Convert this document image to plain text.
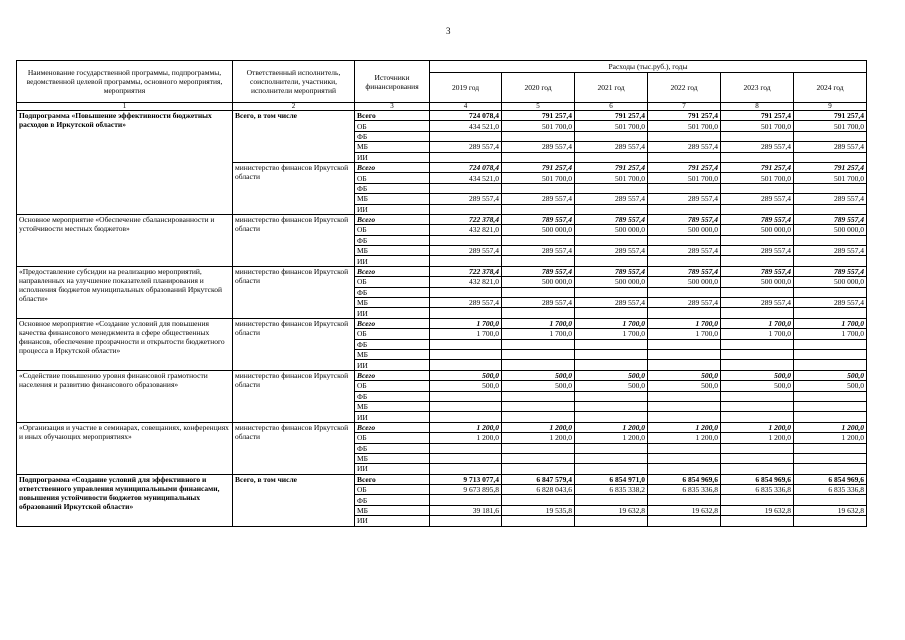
3
Наименование государственной программы, подпрограммы, ведомственной целевой программы, основного мероприятия, мероприятия	Ответственный исполнитель, соисполнители, участники, исполнители мероприятий	Источники финансирования	Расходы (тыс.руб.), годы					
			2019 год	2020 год	2021 год	2022 год	2023 год	2024 год
1	2	3	4	5	6	7	8	9
Подпрограмма «Повышение эффективности бюджетных расходов в Иркутской области»	Всего, в том числе	Всего	724 078,4	791 257,4	791 257,4	791 257,4	791 257,4	791 257,4
		ОБ	434 521,0	501 700,0	501 700,0	501 700,0	501 700,0	501 700,0
		ФБ						
		МБ	289 557,4	289 557,4	289 557,4	289 557,4	289 557,4	289 557,4
		ИИ						
	министерство финансов Иркутской области	Всего	724 078,4	791 257,4	791 257,4	791 257,4	791 257,4	791 257,4
		ОБ	434 521,0	501 700,0	501 700,0	501 700,0	501 700,0	501 700,0
		ФБ						
		МБ	289 557,4	289 557,4	289 557,4	289 557,4	289 557,4	289 557,4
		ИИ						
Основное мероприятие «Обеспечение сбалансированности и устойчивости местных бюджетов»	министерство финансов Иркутской области	Всего	722 378,4	789 557,4	789 557,4	789 557,4	789 557,4	789 557,4
		ОБ	432 821,0	500 000,0	500 000,0	500 000,0	500 000,0	500 000,0
		ФБ						
		МБ	289 557,4	289 557,4	289 557,4	289 557,4	289 557,4	289 557,4
		ИИ						
«Предоставление субсидии на реализацию мероприятий, направленных на улучшение показателей планирования и исполнения бюджетов муниципальных образований Иркутской области»	министерство финансов Иркутской области	Всего	722 378,4	789 557,4	789 557,4	789 557,4	789 557,4	789 557,4
		ОБ	432 821,0	500 000,0	500 000,0	500 000,0	500 000,0	500 000,0
		ФБ						
		МБ	289 557,4	289 557,4	289 557,4	289 557,4	289 557,4	289 557,4
		ИИ						
Основное мероприятие «Создание условий для повышения качества финансового менеджмента в сфере общественных финансов, обеспечение прозрачности и открытости бюджетного процесса в Иркутской области»	министерство финансов Иркутской области	Всего	1 700,0	1 700,0	1 700,0	1 700,0	1 700,0	1 700,0
		ОБ	1 700,0	1 700,0	1 700,0	1 700,0	1 700,0	1 700,0
		ФБ						
		МБ						
		ИИ						
«Содействие повышению уровня финансовой грамотности населения и развитию финансового образования»	министерство финансов Иркутской области	Всего	500,0	500,0	500,0	500,0	500,0	500,0
		ОБ	500,0	500,0	500,0	500,0	500,0	500,0
		ФБ						
		МБ						
		ИИ						
«Организация и участие в семинарах, совещаниях, конференциях и иных обучающих мероприятиях»	министерство финансов Иркутской области	Всего	1 200,0	1 200,0	1 200,0	1 200,0	1 200,0	1 200,0
		ОБ	1 200,0	1 200,0	1 200,0	1 200,0	1 200,0	1 200,0
		ФБ						
		МБ						
		ИИ						
Подпрограмма «Создание условий для эффективного и ответственного управления муниципальными финансами, повышения устойчивости бюджетов муниципальных образований Иркутской области»	Всего, в том числе	Всего	9 713 077,4	6 847 579,4	6 854 971,0	6 854 969,6	6 854 969,6	6 854 969,6
		ОБ	9 673 895,8	6 828 043,6	6 835 338,2	6 835 336,8	6 835 336,8	6 835 336,8
		ФБ						
		МБ	39 181,6	19 535,8	19 632,8	19 632,8	19 632,8	19 632,8
		ИИ						
